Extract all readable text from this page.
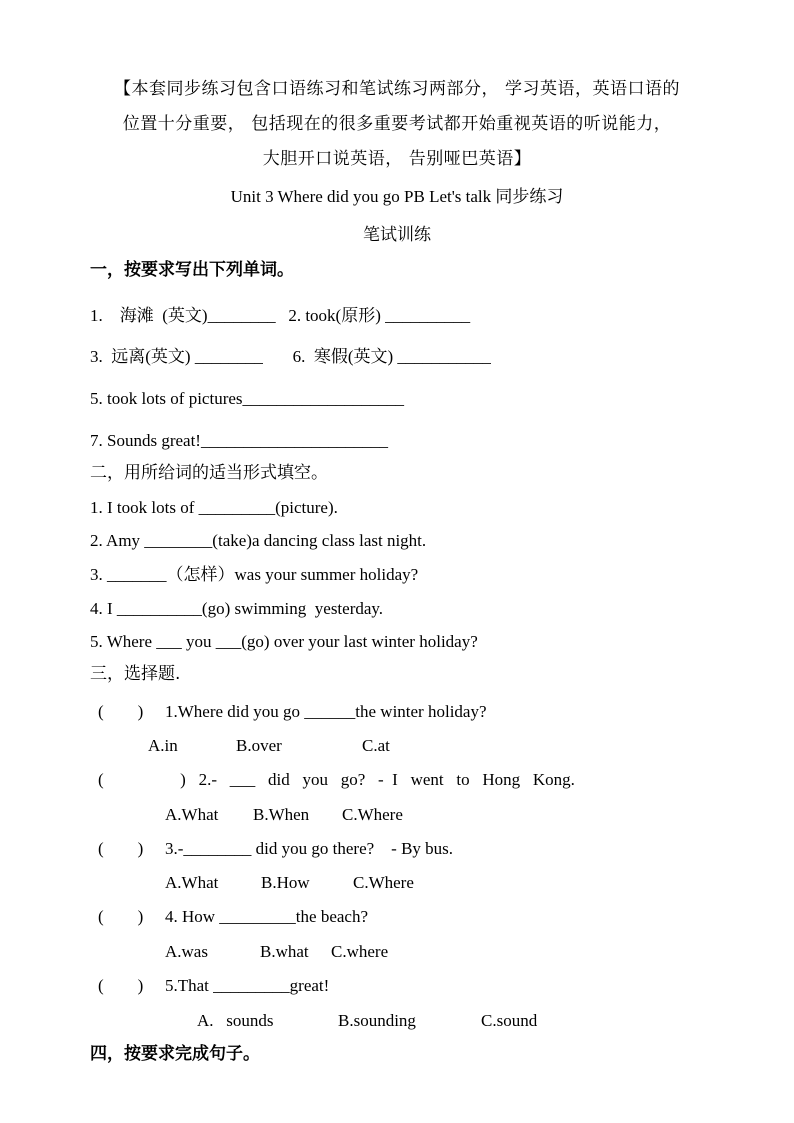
【本套同步练习包含口语练习和笔试练习两部分， 学习英语，英语口语的
位置十分重要， 包括现在的很多重要考试都开始重视英语的听说能力，
大胆开口说英语， 告别哑巴英语】
Unit 3 Where did you go PB Let's talk 同步练习
笔试训练
一，按要求写出下列单词。
1.    海滩  (英文)________   2. took(原形) __________
3.  远离(英文) ________       6.  寒假(英文) ___________
5. took lots of pictures___________________
7. Sounds great!______________________
二，用所给词的适当形式填空。
1. I took lots of _________(picture).
2. Amy ________(take)a dancing class last night.
3. _______（怎样）was your summer holiday?
4. I __________(go) swimming  yesterday.
5. Where ___ you ___(go) over your last winter holiday?
三，选择题.
(        ) 1.Where did you go ______the winter holiday?
A.in	B.over	C.at
(                  )   2.-   ___   did   you   go?   -  I   went   to   Hong   Kong.
A.What B.When C.Where
(        ) 3.-________ did you go there?    - By bus.
A.What	B.How	C.Where
(        ) 4. How _________the beach?
A.was	B.what C.where
(        ) 5.That _________great!
A.   sounds	B.sounding	C.sound
四，按要求完成句子。
